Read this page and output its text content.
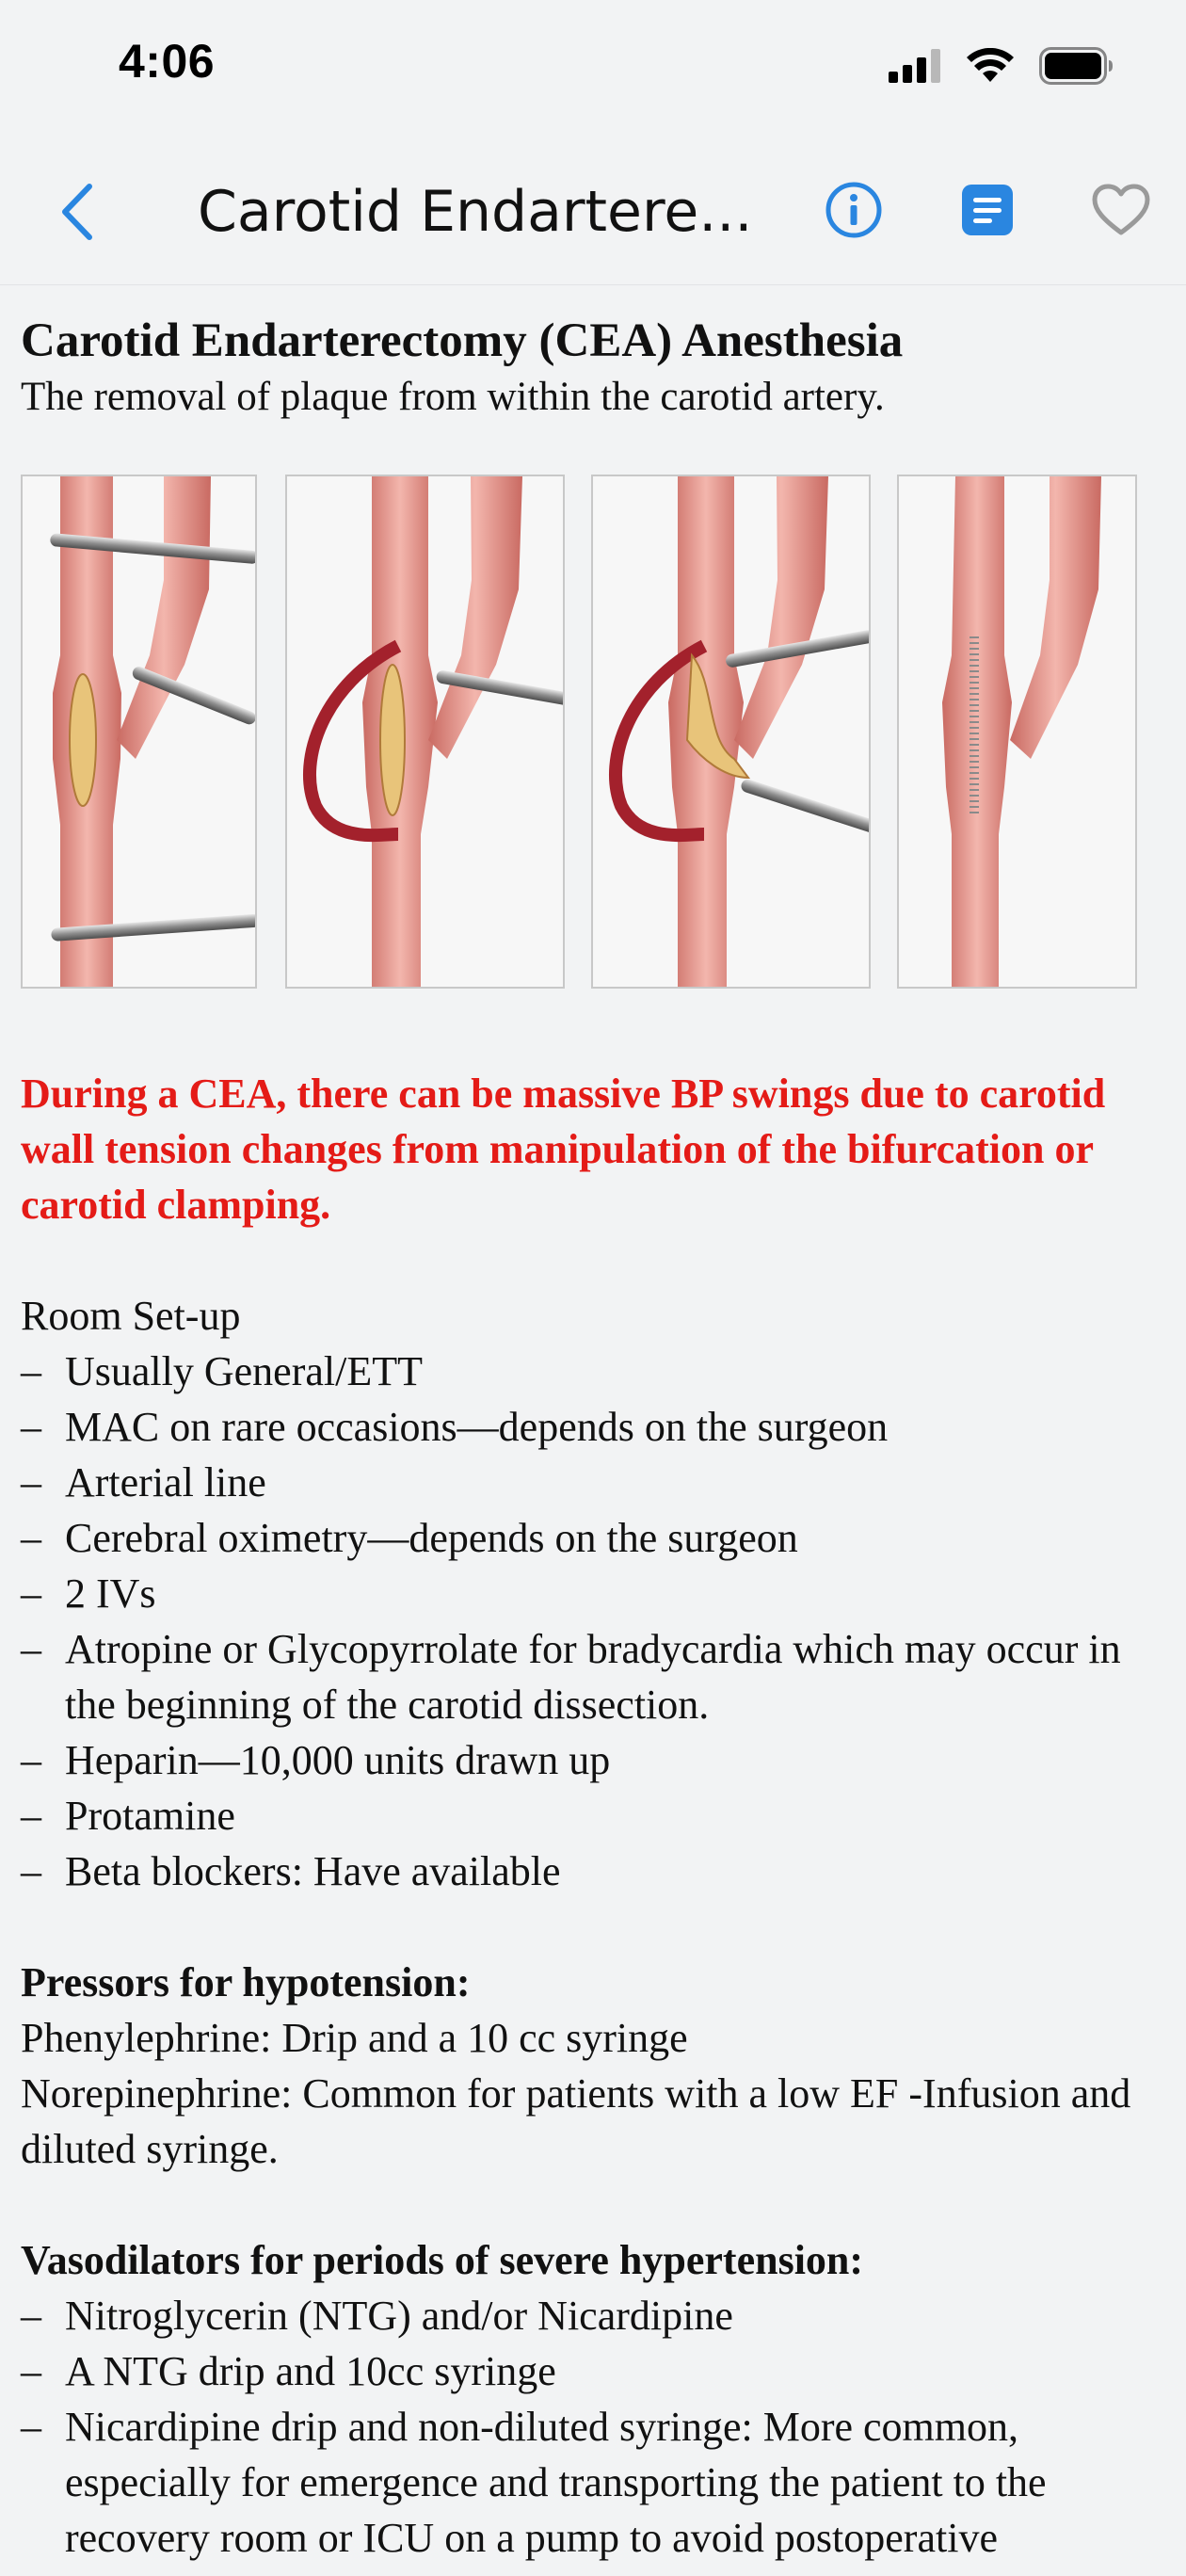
4:06
Carotid Endartere...
Carotid Endarterectomy (CEA) Anesthesia

The removal of plaque from within the carotid artery.

During a CEA, there can be massive BP swings due to carotid wall tension changes from manipulation of the bifurcation or carotid clamping.
Room Set-up
– Usually General/ETT
– MAC on rare occasions—depends on the surgeon
– Arterial line
– Cerebral oximetry—depends on the surgeon
– 2 IVs
– Atropine or Glycopyrrolate for bradycardia which may occur in the beginning of the carotid dissection.
– Heparin—10,000 units drawn up
– Protamine
– Beta blockers: Have available
Pressors for hypotension:
Phenylephrine: Drip and a 10 cc syringe
Norepinephrine: Common for patients with a low EF -Infusion and diluted syringe.
Vasodilators for periods of severe hypertension:
– Nitroglycerin (NTG) and/or Nicardipine
– A NTG drip and 10cc syringe
– Nicardipine drip and non-diluted syringe: More common, especially for emergence and transporting the patient to the recovery room or ICU on a pump to avoid postoperative
